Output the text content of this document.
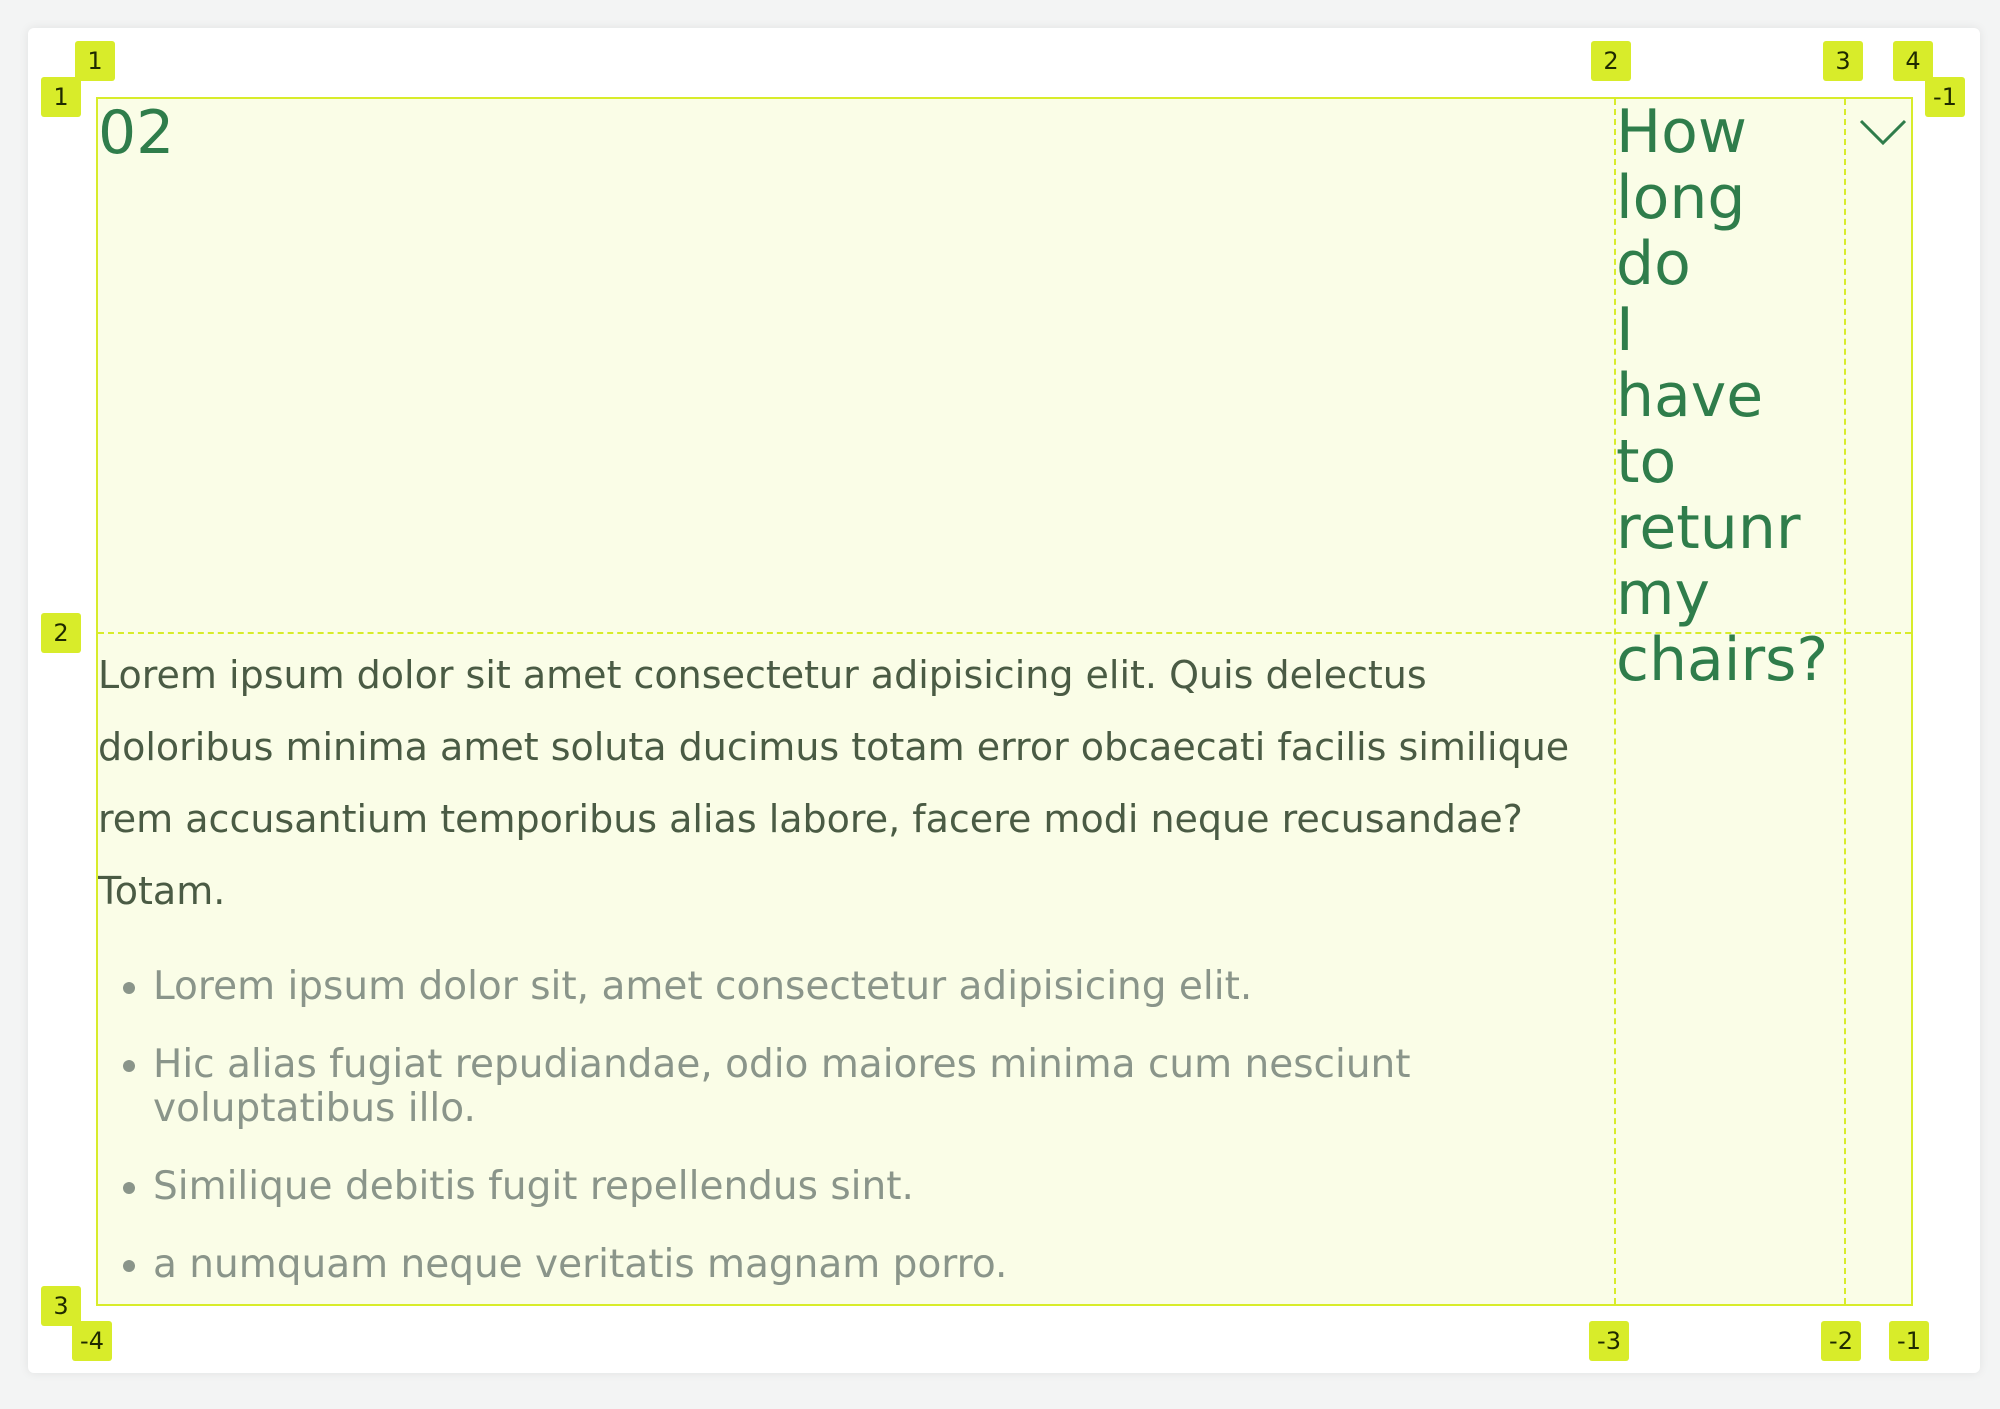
02	How long do I have to retunr my chairs?

Lorem ipsum dolor sit amet consectetur adipisicing elit. Quis delectus doloribus minima amet soluta ducimus totam error obcaecati facilis similique rem accusantium temporibus alias labore, facere modi neque recusandae? Totam.

• Lorem ipsum dolor sit, amet consectetur adipisicing elit.
• Hic alias fugiat repudiandae, odio maiores minima cum nesciunt voluptatibus illo.
• Similique debitis fugit repellendus sint.
• a numquam neque veritatis magnam porro.
1	2	3	4
1
2
3
-1
-4	-3	-2	-1
